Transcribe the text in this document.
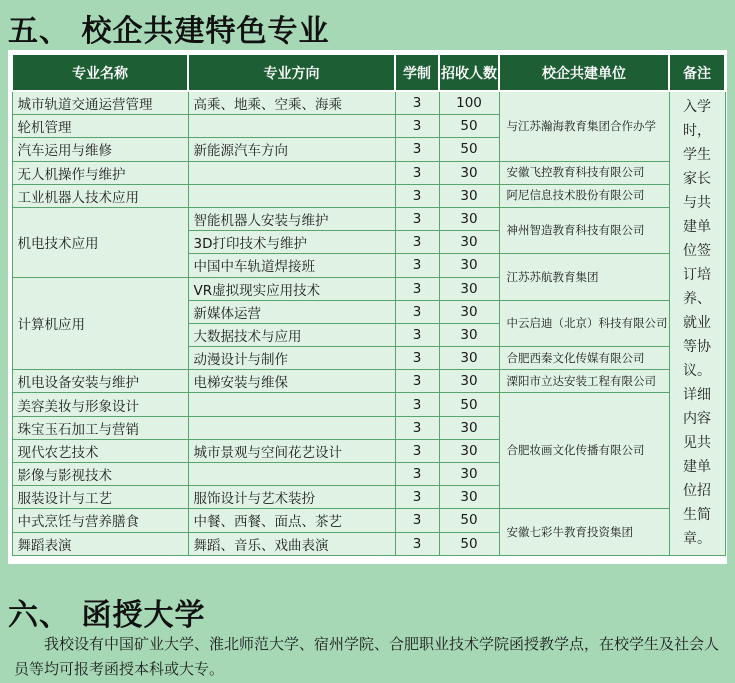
五、 校企共建特色专业
专业名称	专业方向	学制	招收人数	校企共建单位	备注
城市轨道交通运营管理	高乘、地乘、空乘、海乘	3	100	与江苏瀚海教育集团合作办学	入学时，学生家长与共建单位签订培养、就业等协议。详细内容见共建单位招生简章。
轮机管理		3	50		
汽车运用与维修	新能源汽车方向	3	50		
无人机操作与维护		3	30	安徽飞控教育科技有限公司	
工业机器人技术应用		3	30	阿尼信息技术股份有限公司	
机电技术应用	智能机器人安装与维护	3	30	神州智造教育科技有限公司	
	3D打印技术与维护	3	30		
	中国中车轨道焊接班	3	30	江苏苏航教育集团	
计算机应用	VR虚拟现实应用技术	3	30		
	新媒体运营	3	30	中云启迪（北京）科技有限公司	
	大数据技术与应用	3	30		
	动漫设计与制作	3	30	合肥西秦文化传媒有限公司	
机电设备安装与维护	电梯安装与维保	3	30	溧阳市立达安装工程有限公司	
美容美妆与形象设计		3	50	合肥妆画文化传播有限公司	
珠宝玉石加工与营销		3	30		
现代农艺技术	城市景观与空间花艺设计	3	30		
影像与影视技术		3	30		
服装设计与工艺	服饰设计与艺术装扮	3	30		
中式烹饪与营养膳食	中餐、西餐、面点、茶艺	3	50	安徽七彩牛教育投资集团	
舞蹈表演	舞蹈、音乐、戏曲表演	3	50		
六、 函授大学
我校设有中国矿业大学、淮北师范大学、宿州学院、合肥职业技术学院函授教学点，在校学生及社会人员等均可报考函授本科或大专。
